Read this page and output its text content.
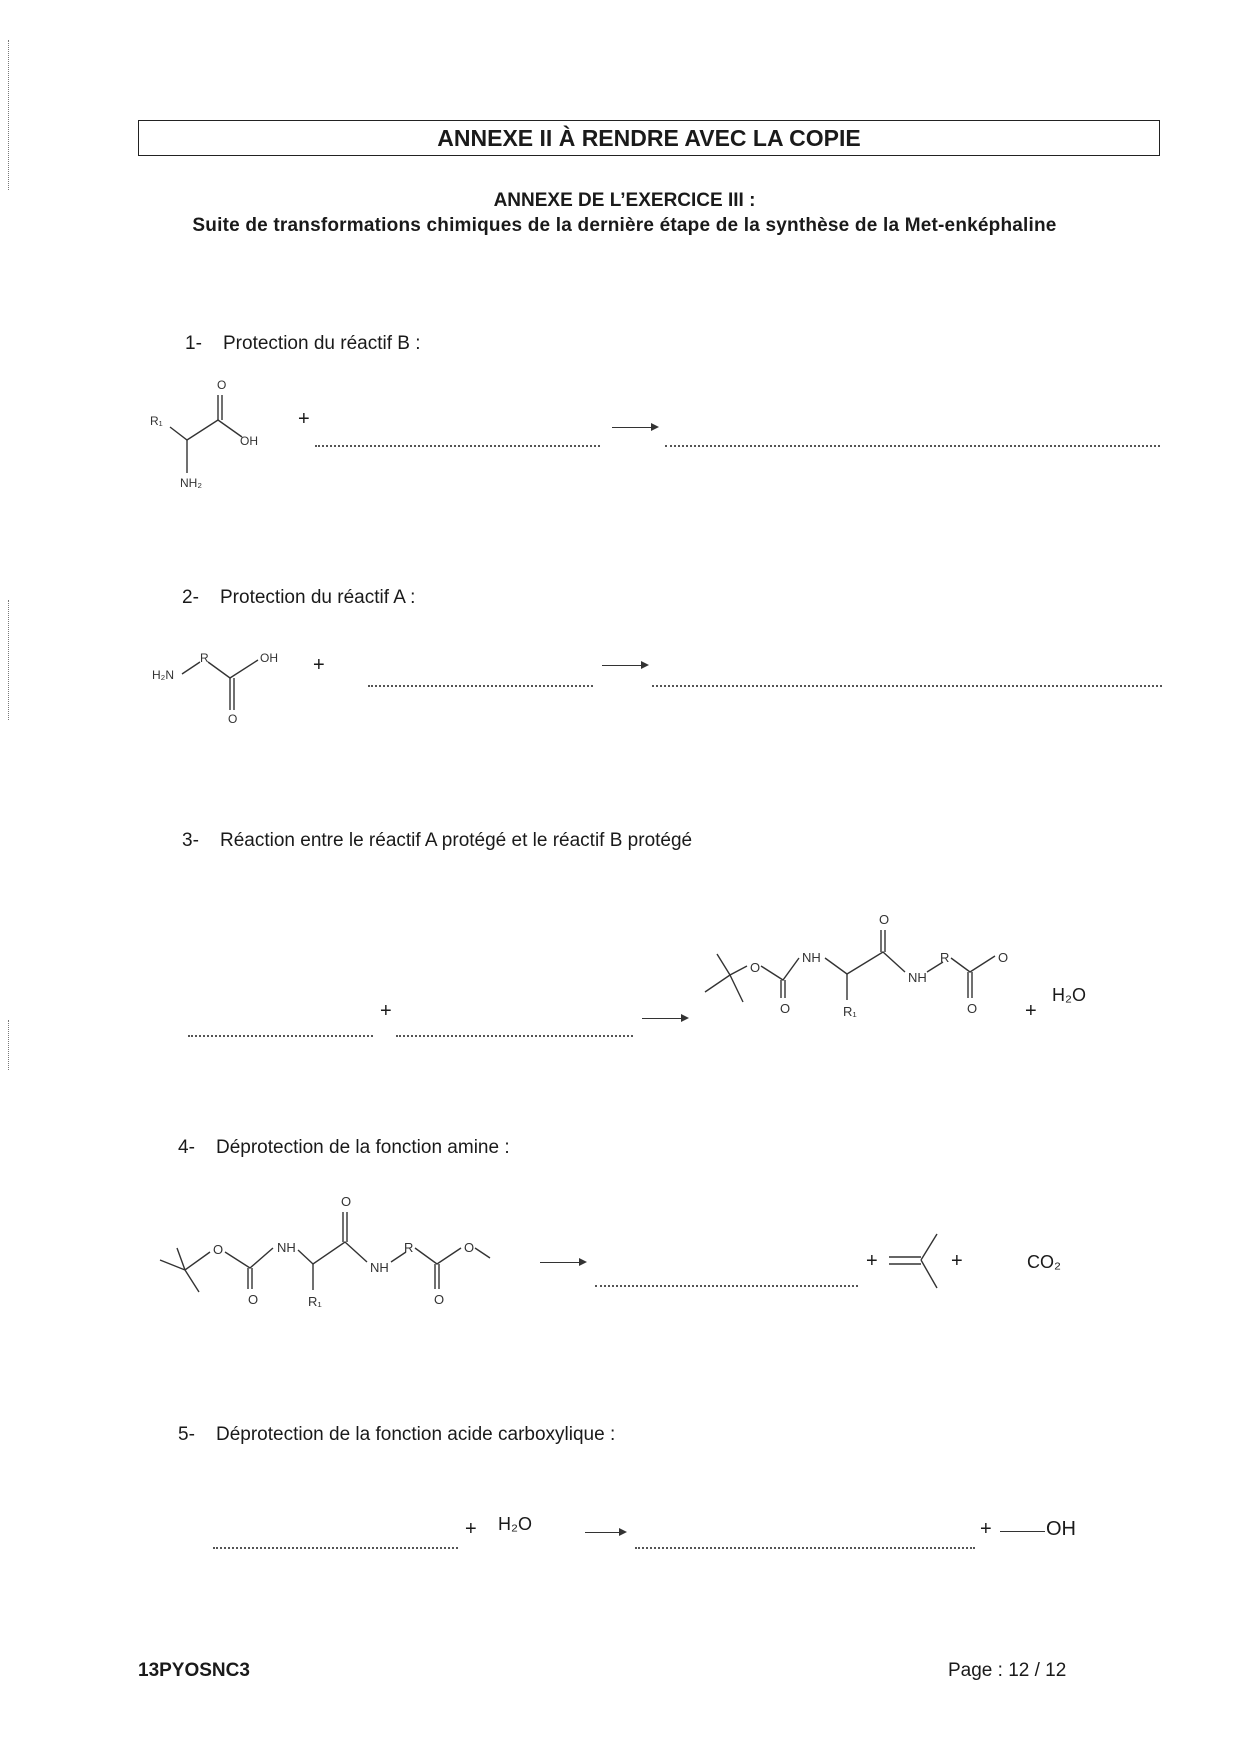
ANNEXE II À RENDRE AVEC LA COPIE
ANNEXE DE L’EXERCICE III :
Suite de transformations chimiques de la dernière étape de la synthèse de la Met-enképhaline
1- Protection du réactif B :
R₁
O
OH
NH₂
+
2- Protection du réactif A :
H₂N
R	OH
O
+
3- Réaction entre le réactif A protégé et le réactif B protégé
+
O
NH
O
NH
R	O
O	R₁	O +
H₂O
4- Déprotection de la fonction amine :
O	NH
O
NH
R	O
O	R₁	O
+	+	CO₂
5- Déprotection de la fonction acide carboxylique :
+ H₂O	+	OH
13PYOSNC3	Page : 12 / 12
